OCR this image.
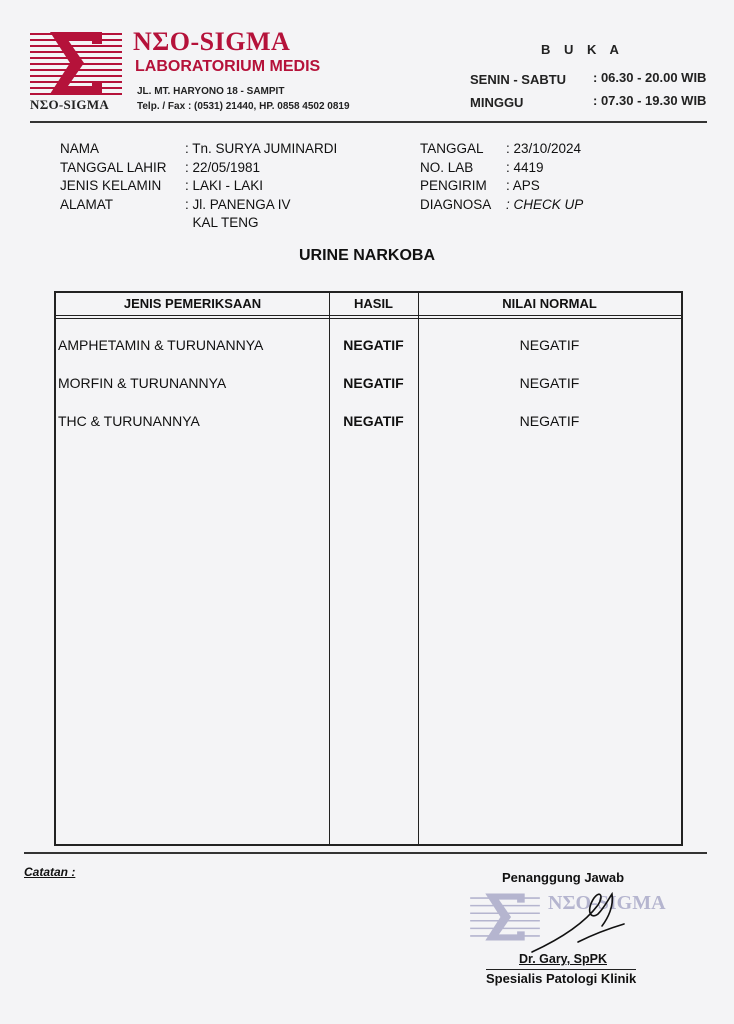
NΣO-SIGMA
NΣO-SIGMA
LABORATORIUM MEDIS
JL. MT. HARYONO 18 - SAMPIT
Telp. / Fax : (0531) 21440, HP. 0858 4502 0819
B U K A
SENIN - SABTU : 06.30 - 20.00 WIB
MINGGU	: 07.30 - 19.30 WIB
NAMA	: Tn. SURYA JUMINARDI
TANGGAL LAHIR	: 22/05/1981
JENIS KELAMIN	: LAKI - LAKI
ALAMAT	: Jl. PANENGA IV
	KAL TENG
TANGGAL	: 23/10/2024
NO. LAB	: 4419
PENGIRIM	: APS
DIAGNOSA	: CHECK UP
URINE NARKOBA
JENIS PEMERIKSAAN	HASIL	NILAI NORMAL
AMPHETAMIN & TURUNANNYA	NEGATIF	NEGATIF
MORFIN & TURUNANNYA	NEGATIF	NEGATIF
THC & TURUNANNYA	NEGATIF	NEGATIF
Catatan :	Penanggung Jawab
NΣO-SIGMA
Dr. Gary, SpPK
Spesialis Patologi Klinik
